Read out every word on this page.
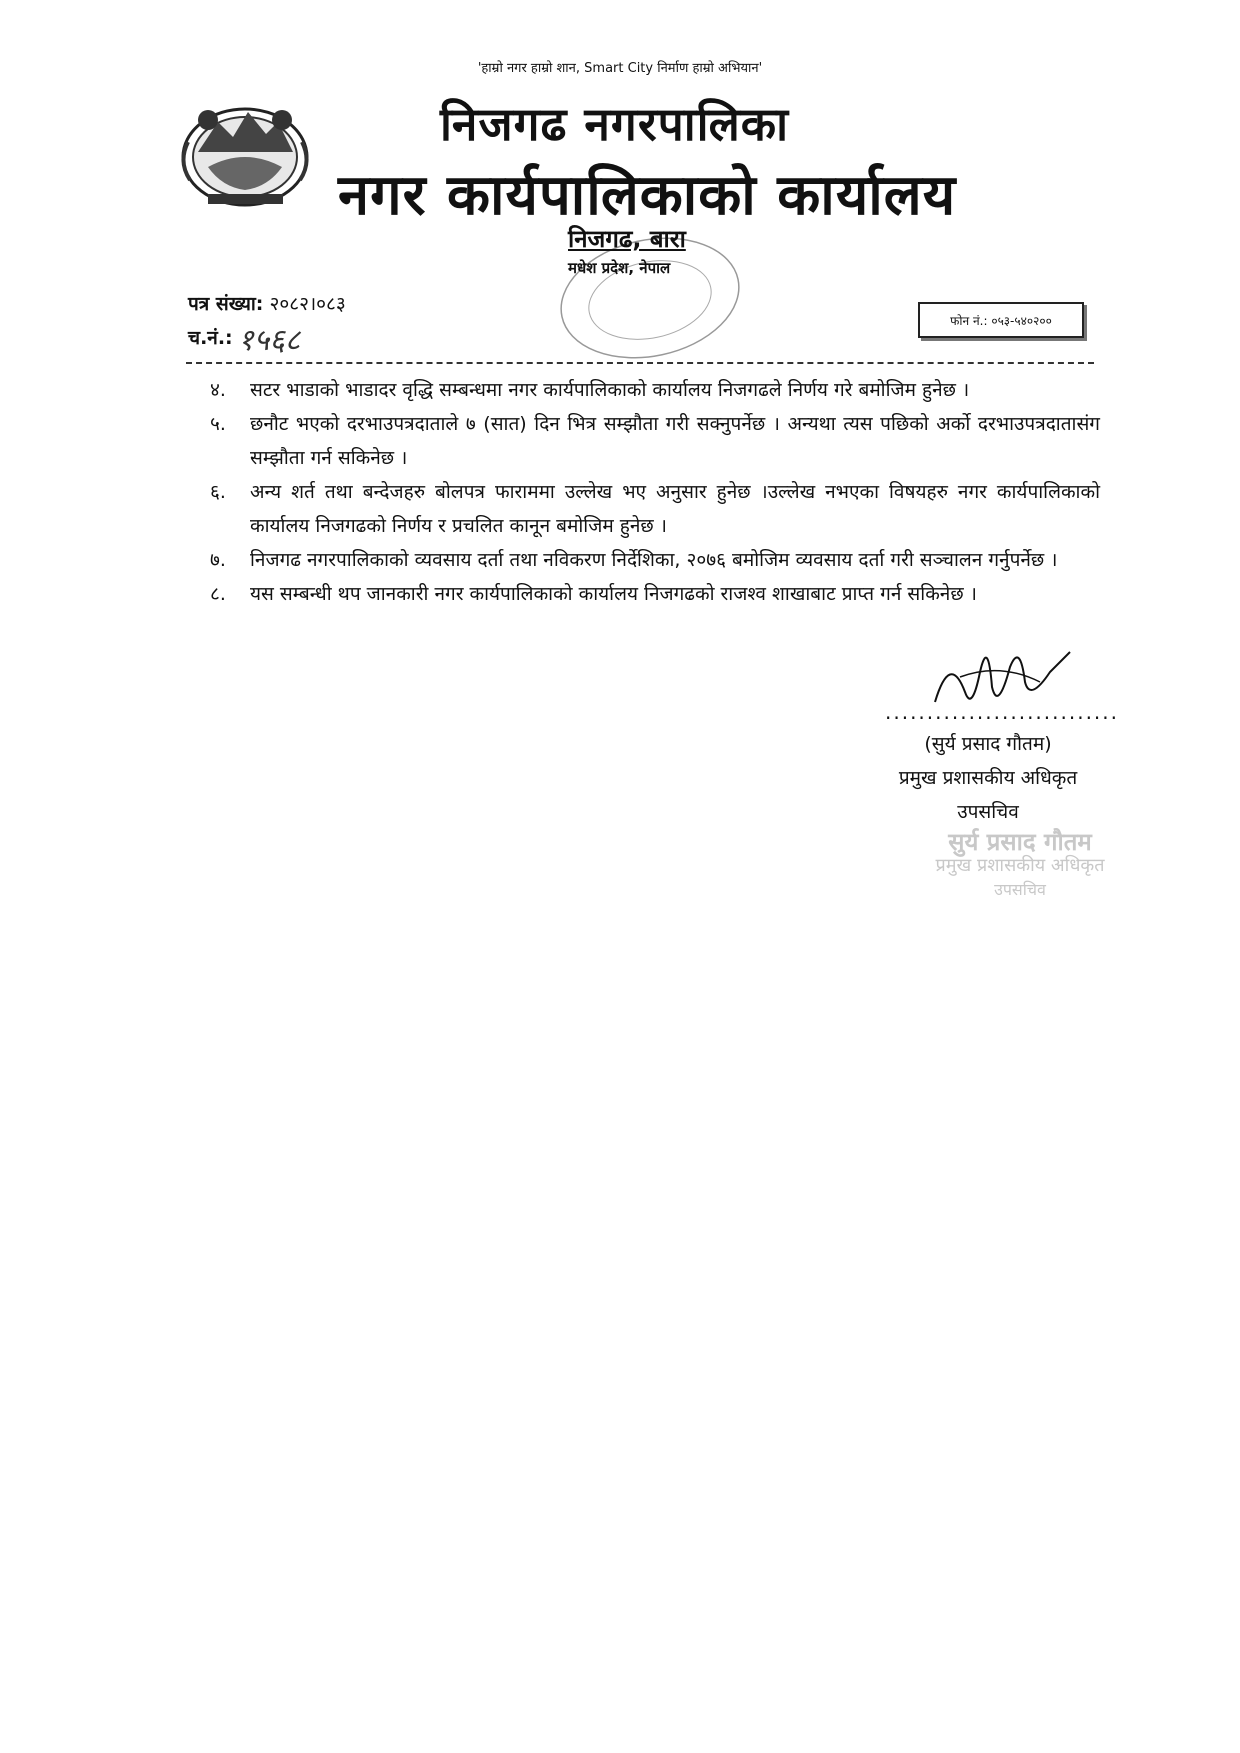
'हाम्रो नगर हाम्रो शान, Smart City निर्माण हाम्रो अभियान'
निजगढ नगरपालिका
नगर कार्यपालिकाको कार्यालय
निजगढ, बारा
मधेश प्रदेश, नेपाल
पत्र संख्या: २०८२।०८३
च.नं.: १५६८
फोन नं.: ०५३-५४०२००
४. सटर भाडाको भाडादर वृद्धि सम्बन्धमा नगर कार्यपालिकाको कार्यालय निजगढले निर्णय गरे बमोजिम हुनेछ ।
५. छनौट भएको दरभाउपत्रदाताले ७ (सात) दिन भित्र सम्झौता गरी सक्नुपर्नेछ । अन्यथा त्यस पछिको अर्को दरभाउपत्रदातासंग सम्झौता गर्न सकिनेछ ।
६. अन्य शर्त तथा बन्देजहरु बोलपत्र फाराममा उल्लेख भए अनुसार हुनेछ ।उल्लेख नभएका विषयहरु नगर कार्यपालिकाको कार्यालय निजगढको निर्णय र प्रचलित कानून बमोजिम हुनेछ ।
७. निजगढ नगरपालिकाको व्यवसाय दर्ता तथा नविकरण निर्देशिका, २०७६ बमोजिम व्यवसाय दर्ता गरी सञ्चालन गर्नुपर्नेछ ।
८. यस सम्बन्धी थप जानकारी नगर कार्यपालिकाको कार्यालय निजगढको राजश्व शाखाबाट प्राप्त गर्न सकिनेछ ।
............................
(सुर्य प्रसाद गौतम)
प्रमुख प्रशासकीय अधिकृत
उपसचिव
सुर्य प्रसाद गौतम
प्रमुख प्रशासकीय अधिकृत
उपसचिव
